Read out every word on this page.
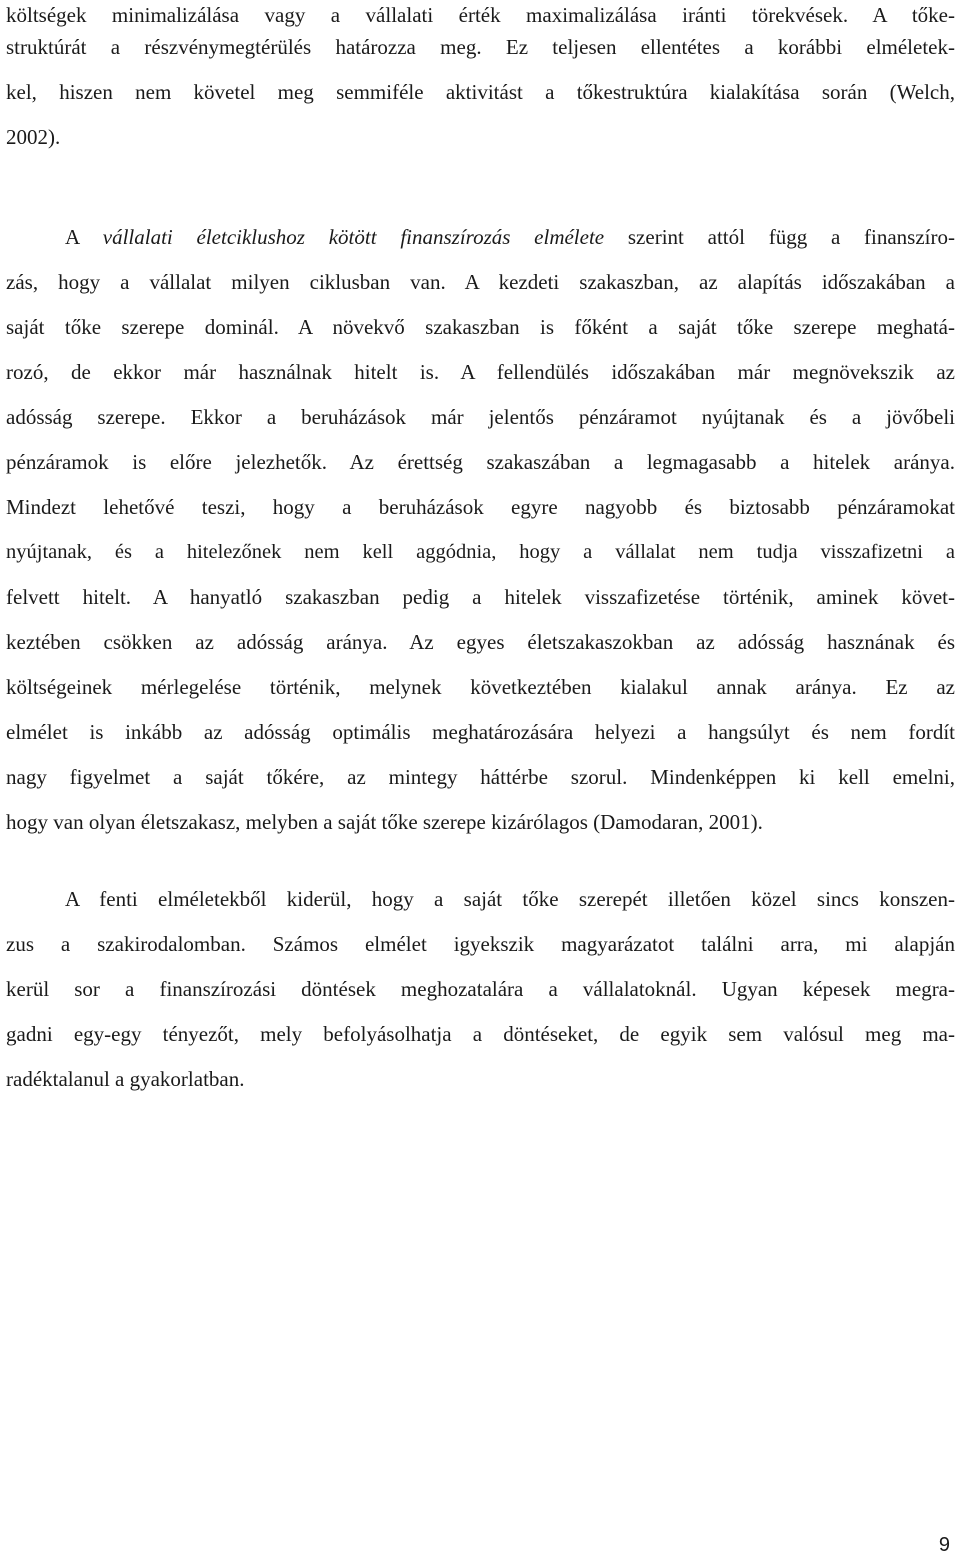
költségek minimalizálása vagy a vállalati érték maximalizálása iránti törekvések. A tőke-
struktúrát a részvénymegtérülés határozza meg. Ez teljesen ellentétes a korábbi elméletek-
kel, hiszen nem követel meg semmiféle aktivitást a tőkestruktúra kialakítása során (Welch,
2002).
A vállalati életciklushoz kötött finanszírozás elmélete szerint attól függ a finanszíro-
zás, hogy a vállalat milyen ciklusban van. A kezdeti szakaszban, az alapítás időszakában a
saját tőke szerepe dominál. A növekvő szakaszban is főként a saját tőke szerepe meghatá-
rozó, de ekkor már használnak hitelt is. A fellendülés időszakában már megnövekszik az
adósság szerepe. Ekkor a beruházások már jelentős pénzáramot nyújtanak és a jövőbeli
pénzáramok is előre jelezhetők. Az érettség szakaszában a legmagasabb a hitelek aránya.
Mindezt lehetővé teszi, hogy a beruházások egyre nagyobb és biztosabb pénzáramokat
nyújtanak, és a hitelezőnek nem kell aggódnia, hogy a vállalat nem tudja visszafizetni a
felvett hitelt. A hanyatló szakaszban pedig a hitelek visszafizetése történik, aminek követ-
keztében csökken az adósság aránya. Az egyes életszakaszokban az adósság hasznának és
költségeinek mérlegelése történik, melynek következtében kialakul annak aránya. Ez az
elmélet is inkább az adósság optimális meghatározására helyezi a hangsúlyt és nem fordít
nagy figyelmet a saját tőkére, az mintegy háttérbe szorul. Mindenképpen ki kell emelni,
hogy van olyan életszakasz, melyben a saját tőke szerepe kizárólagos (Damodaran, 2001).
A fenti elméletekből kiderül, hogy a saját tőke szerepét illetően közel sincs konszen-
zus a szakirodalomban. Számos elmélet igyekszik magyarázatot találni arra, mi alapján
kerül sor a finanszírozási döntések meghozatalára a vállalatoknál. Ugyan képesek megra-
gadni egy-egy tényezőt, mely befolyásolhatja a döntéseket, de egyik sem valósul meg ma-
radéktalanul a gyakorlatban.
9
